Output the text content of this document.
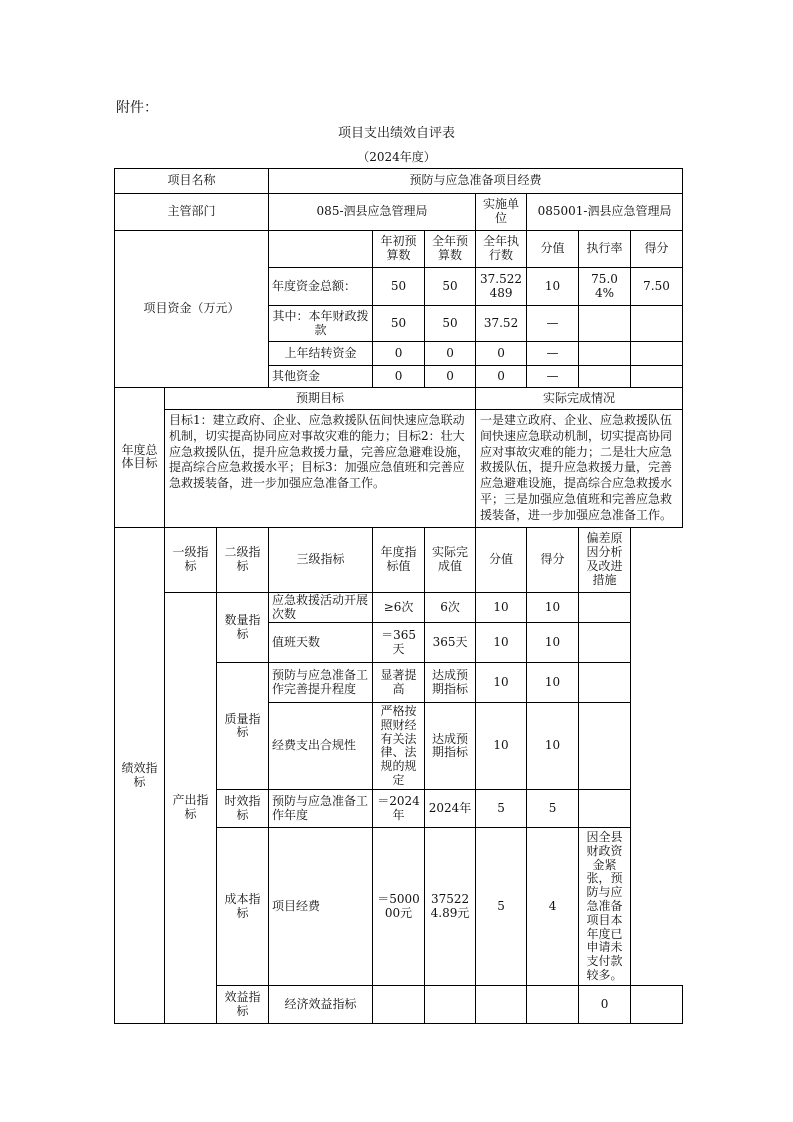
附件：
项目支出绩效自评表
（2024年度）
项目名称			预防与应急准备项目经费						
主管部门			085-泗县应急管理局			实施单位	085001-泗县应急管理局		
项目资金（万元）				年初预算数	全年预算数	全年执行数	分值	执行率	得分
			年度资金总额：	50	50	37.522489	10	75.04%	7.50
			其中：本年财政拨款	50	50	37.52	—		
			上年结转资金	0	0	0	—		
			其他资金	0	0	0	—		
年度总体目标	预期目标					实际完成情况			
	目标1：建立政府、企业、应急救援队伍间快速应急联动机制，切实提高协同应对事故灾难的能力；目标2：壮大应急救援队伍，提升应急救援力量，完善应急避难设施，提高综合应急救援水平；目标3：加强应急值班和完善应急救援装备，进一步加强应急准备工作。					一是建立政府、企业、应急救援队伍间快速应急联动机制，切实提高协同应对事故灾难的能力；二是壮大应急救援队伍，提升应急救援力量，完善应急避难设施，提高综合应急救援水平；三是加强应急值班和完善应急救援装备，进一步加强应急准备工作。			
绩效指标	一级指标	二级指标	三级指标	年度指标值	实际完成值	分值	得分	偏差原因分析及改进措施	
	产出指标	数量指标	应急救援活动开展次数	≥6次	6次	10	10		
			值班天数	＝365天	365天	10	10		
		质量指标	预防与应急准备工作完善提升程度	显著提高	达成预期指标	10	10		
			经费支出合规性	严格按照财经有关法律、法规的规定	达成预期指标	10	10		
		时效指标	预防与应急准备工作年度	＝2024年	2024年	5	5		
		成本指标	项目经费	＝500000元	375224.89元	5	4	因全县财政资金紧张，预防与应急准备项目本年度已申请未支付款较多。	
		效益指标	经济效益指标					0	
